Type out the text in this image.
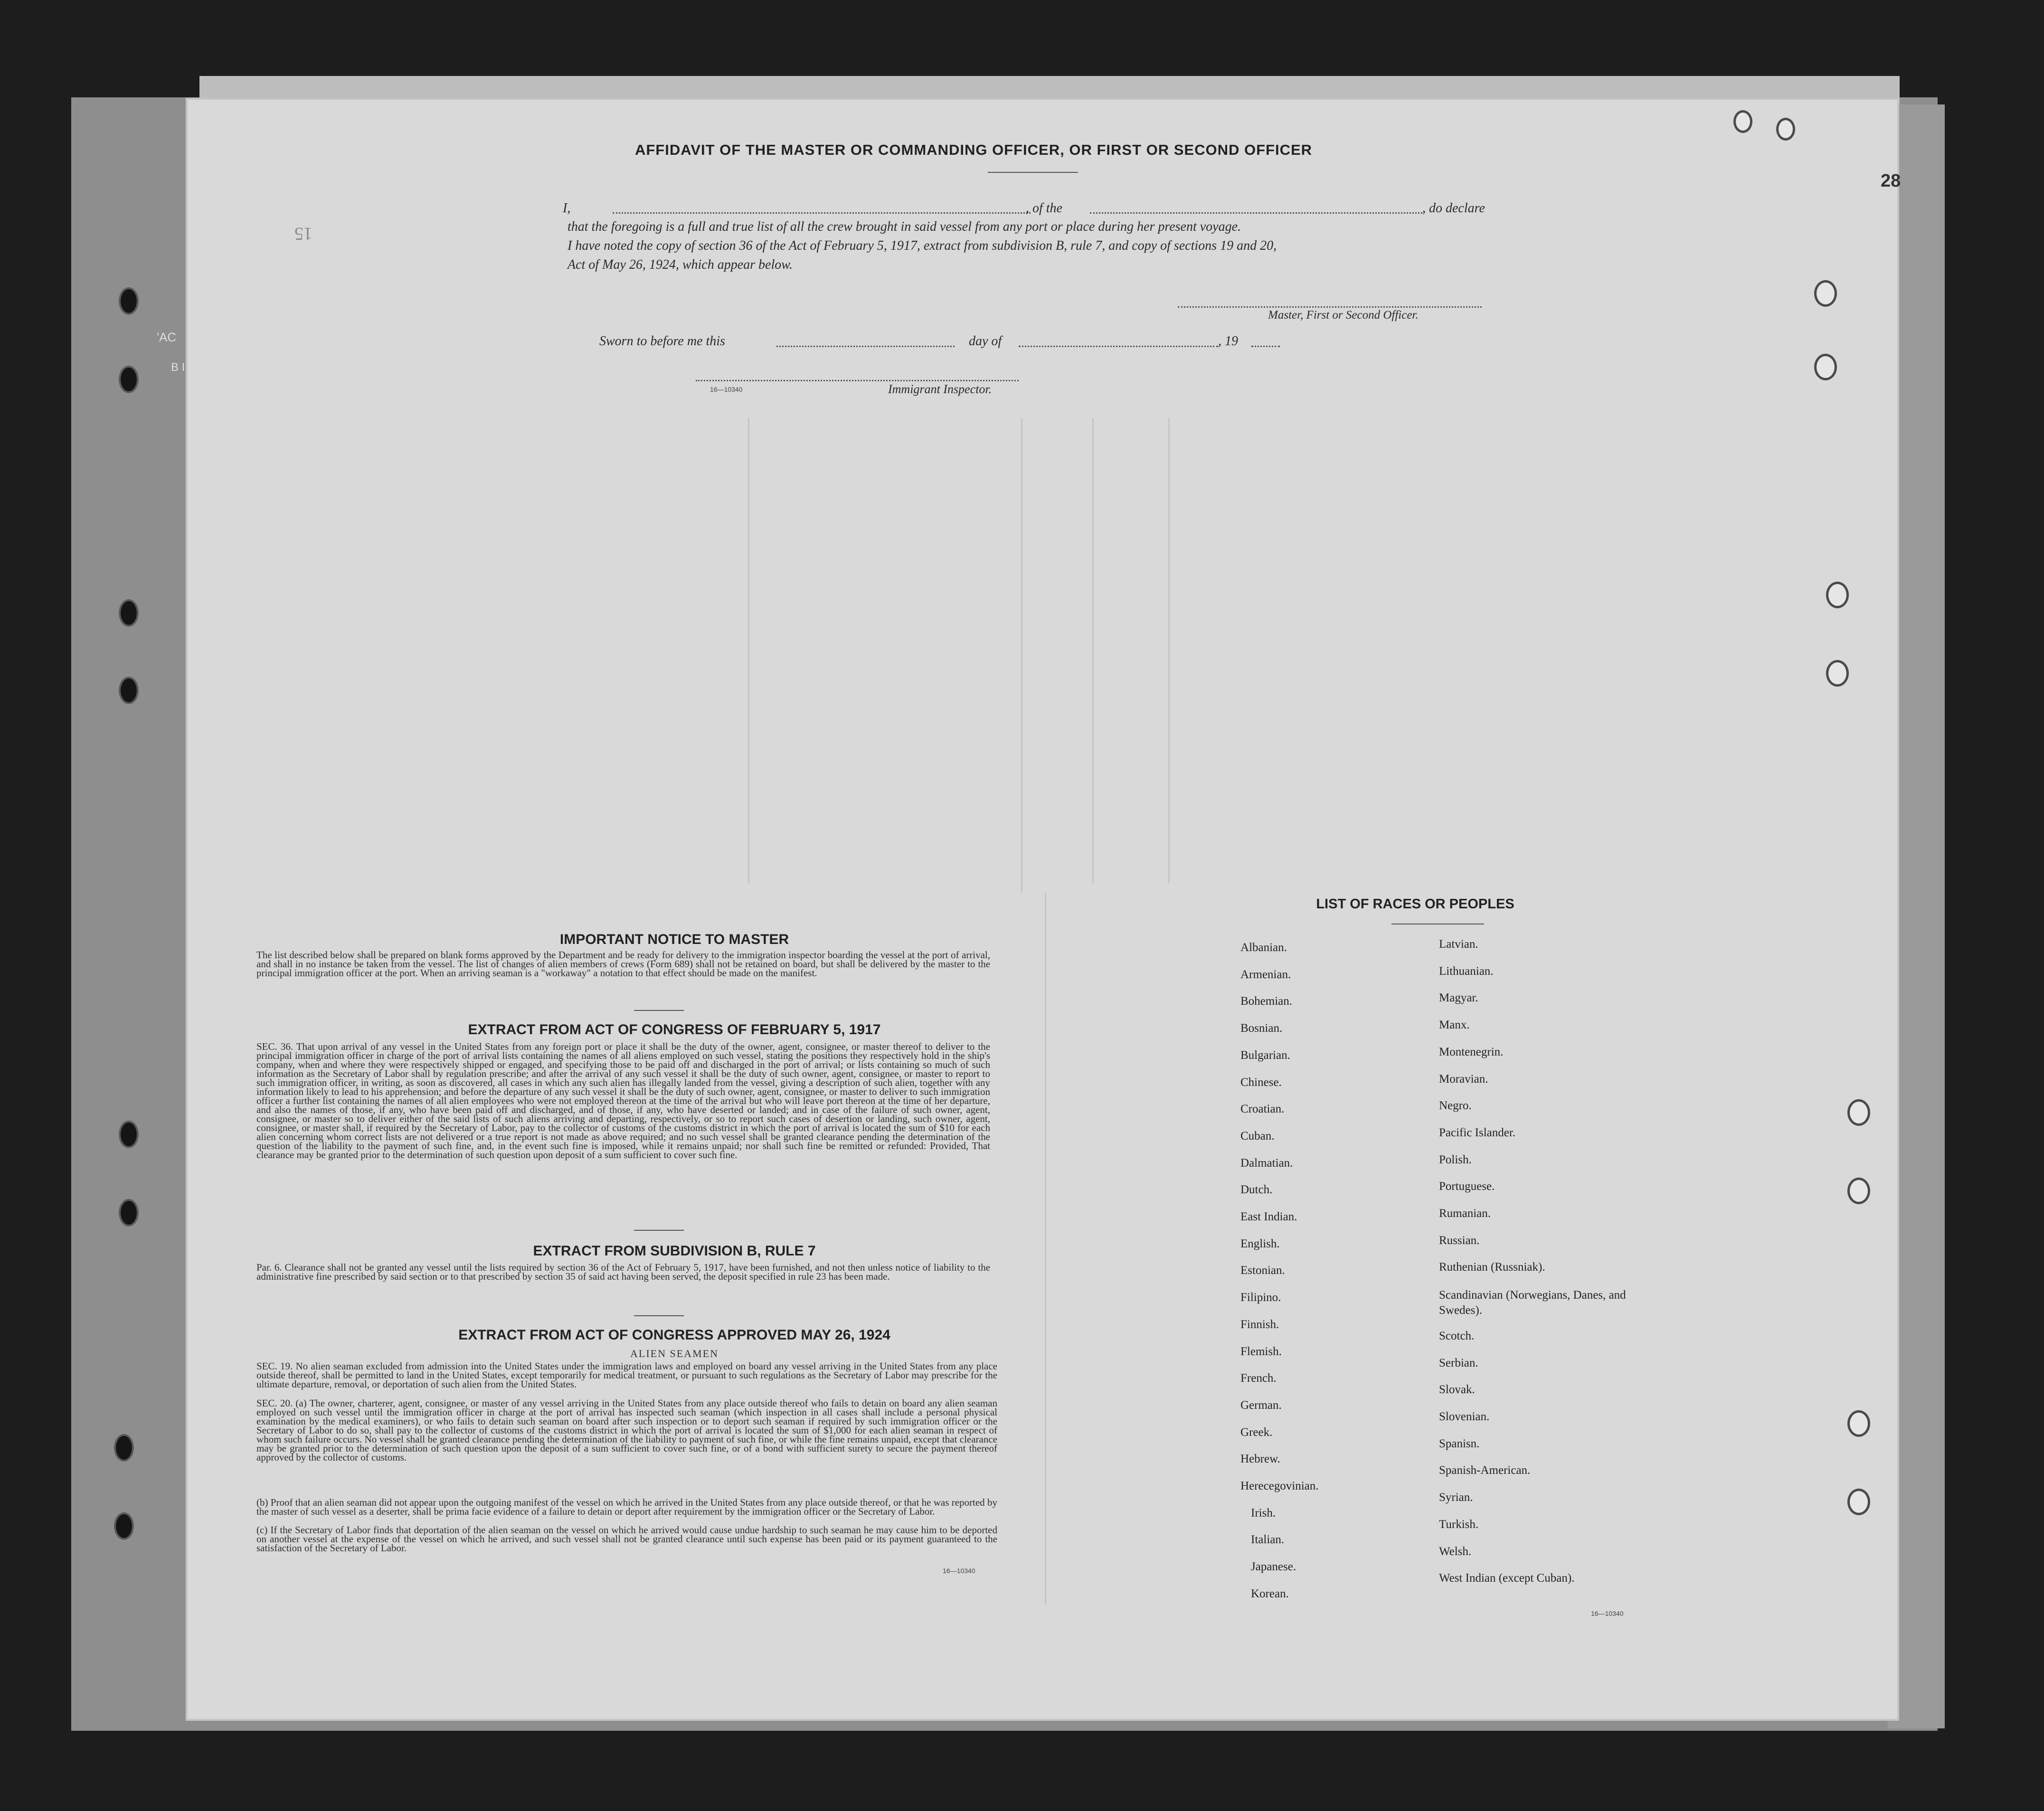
'AC
B I

28
15
AFFIDAVIT OF THE MASTER OR COMMANDING OFFICER, OR FIRST OR SECOND OFFICER
I,	, of the	, do declare
that the foregoing is a full and true list of all the crew brought in said vessel from any port or place during her present voyage.
I have noted the copy of section 36 of the Act of February 5, 1917, extract from subdivision B, rule 7, and copy of sections 19 and 20,
Act of May 26, 1924, which appear below.
Master, First or Second Officer.
Sworn to before me this	day of	, 19
16—10340	Immigrant Inspector.
IMPORTANT NOTICE TO MASTER
The list described below shall be prepared on blank forms approved by the Department and be ready for delivery to the immigration inspector boarding the vessel at the port of arrival, and shall in no instance be taken from the vessel. The list of changes of alien members of crews (Form 689) shall not be retained on board, but shall be delivered by the master to the principal immigration officer at the port. When an arriving seaman is a "workaway" a notation to that effect should be made on the manifest.
EXTRACT FROM ACT OF CONGRESS OF FEBRUARY 5, 1917
SEC. 36. That upon arrival of any vessel in the United States from any foreign port or place it shall be the duty of the owner, agent, consignee, or master thereof to deliver to the principal immigration officer in charge of the port of arrival lists containing the names of all aliens employed on such vessel, stating the positions they respectively hold in the ship's company, when and where they were respectively shipped or engaged, and specifying those to be paid off and discharged in the port of arrival; or lists containing so much of such information as the Secretary of Labor shall by regulation prescribe; and after the arrival of any such vessel it shall be the duty of such owner, agent, consignee, or master to report to such immigration officer, in writing, as soon as discovered, all cases in which any such alien has illegally landed from the vessel, giving a description of such alien, together with any information likely to lead to his apprehension; and before the departure of any such vessel it shall be the duty of such owner, agent, consignee, or master to deliver to such immigration officer a further list containing the names of all alien employees who were not employed thereon at the time of the arrival but who will leave port thereon at the time of her departure, and also the names of those, if any, who have been paid off and discharged, and of those, if any, who have deserted or landed; and in case of the failure of such owner, agent, consignee, or master so to deliver either of the said lists of such aliens arriving and departing, respectively, or so to report such cases of desertion or landing, such owner, agent, consignee, or master shall, if required by the Secretary of Labor, pay to the collector of customs of the customs district in which the port of arrival is located the sum of $10 for each alien concerning whom correct lists are not delivered or a true report is not made as above required; and no such vessel shall be granted clearance pending the determination of the question of the liability to the payment of such fine, and, in the event such fine is imposed, while it remains unpaid; nor shall such fine be remitted or refunded: Provided, That clearance may be granted prior to the determination of such question upon deposit of a sum sufficient to cover such fine.
EXTRACT FROM SUBDIVISION B, RULE 7
Par. 6. Clearance shall not be granted any vessel until the lists required by section 36 of the Act of February 5, 1917, have been furnished, and not then unless notice of liability to the administrative fine prescribed by said section or to that prescribed by section 35 of said act having been served, the deposit specified in rule 23 has been made.
EXTRACT FROM ACT OF CONGRESS APPROVED MAY 26, 1924
ALIEN SEAMEN
SEC. 19. No alien seaman excluded from admission into the United States under the immigration laws and employed on board any vessel arriving in the United States from any place outside thereof, shall be permitted to land in the United States, except temporarily for medical treatment, or pursuant to such regulations as the Secretary of Labor may prescribe for the ultimate departure, removal, or deportation of such alien from the United States.
SEC. 20. (a) The owner, charterer, agent, consignee, or master of any vessel arriving in the United States from any place outside thereof who fails to detain on board any alien seaman employed on such vessel until the immigration officer in charge at the port of arrival has inspected such seaman (which inspection in all cases shall include a personal physical examination by the medical examiners), or who fails to detain such seaman on board after such inspection or to deport such seaman if required by such immigration officer or the Secretary of Labor to do so, shall pay to the collector of customs of the customs district in which the port of arrival is located the sum of $1,000 for each alien seaman in respect of whom such failure occurs. No vessel shall be granted clearance pending the determination of the liability to payment of such fine, or while the fine remains unpaid, except that clearance may be granted prior to the determination of such question upon the deposit of a sum sufficient to cover such fine, or of a bond with sufficient surety to secure the payment thereof approved by the collector of customs.
(b) Proof that an alien seaman did not appear upon the outgoing manifest of the vessel on which he arrived in the United States from any place outside thereof, or that he was reported by the master of such vessel as a deserter, shall be prima facie evidence of a failure to detain or deport after requirement by the immigration officer or the Secretary of Labor.
(c) If the Secretary of Labor finds that deportation of the alien seaman on the vessel on which he arrived would cause undue hardship to such seaman he may cause him to be deported on another vessel at the expense of the vessel on which he arrived, and such vessel shall not be granted clearance until such expense has been paid or its payment guaranteed to the satisfaction of the Secretary of Labor.
16—10340
LIST OF RACES OR PEOPLES
Albanian.
Armenian.
Bohemian.
Bosnian.
Bulgarian.
Chinese.
Croatian.
Cuban.
Dalmatian.
Dutch.
East Indian.
English.
Estonian.
Filipino.
Finnish.
Flemish.
French.
German.
Greek.
Hebrew.
Herecegovinian.
Irish.
Italian.
Japanese.
Korean.
Latvian.
Lithuanian.
Magyar.
Manx.
Montenegrin.
Moravian.
Negro.
Pacific Islander.
Polish.
Portuguese.
Rumanian.
Russian.
Ruthenian (Russniak).
Scandinavian (Norwegians, Danes, and Swedes).
Scotch.
Serbian.
Slovak.
Slovenian.
Spanisn.
Spanish-American.
Syrian.
Turkish.
Welsh.
West Indian (except Cuban).
16—10340
